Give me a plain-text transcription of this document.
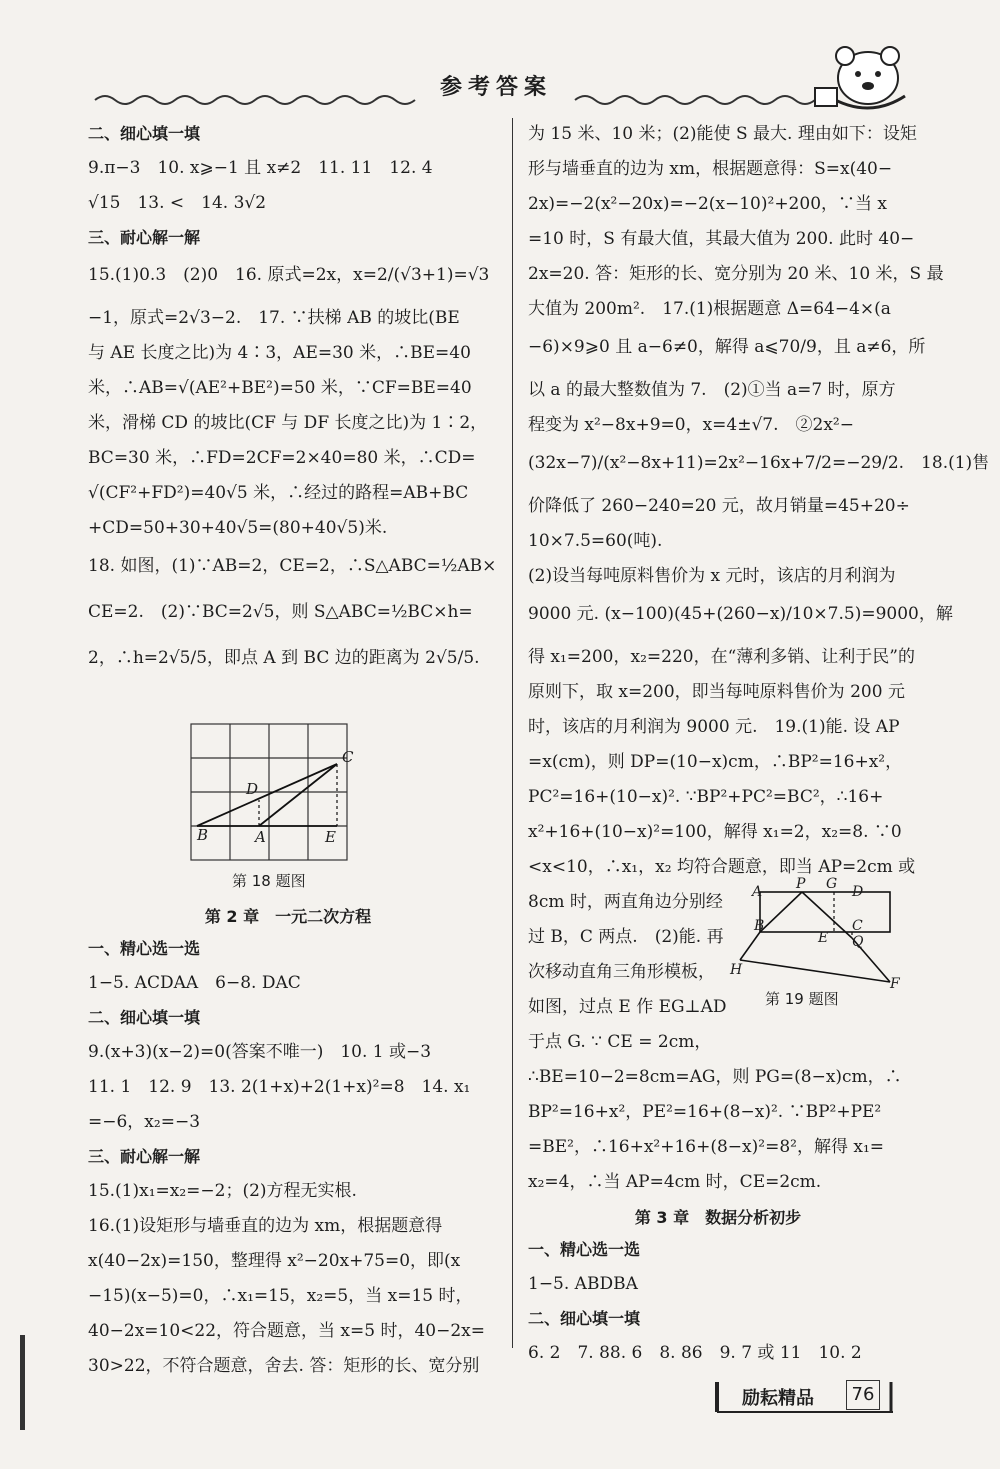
参考答案
二、细心填一填
9.π−3　10. x⩾−1 且 x≠2　11. 11　12. 4
√15　13. <　14. 3√2
三、耐心解一解
15.(1)0.3　(2)0　16. 原式=2x，x=2/(√3+1)=√3
−1，原式=2√3−2.　17. ∵扶梯 AB 的坡比(BE
与 AE 长度之比)为 4∶3，AE=30 米，∴BE=40
米，∴AB=√(AE²+BE²)=50 米，∵CF=BE=40
米，滑梯 CD 的坡比(CF 与 DF 长度之比)为 1∶2，
BC=30 米，∴FD=2CF=2×40=80 米，∴CD=
√(CF²+FD²)=40√5 米，∴经过的路程=AB+BC
+CD=50+30+40√5=(80+40√5)米.
18. 如图，(1)∵AB=2，CE=2，∴S△ABC=½AB×
CE=2.　(2)∵BC=2√5，则 S△ABC=½BC×h=
2，∴h=2√5/5，即点 A 到 BC 边的距离为 2√5/5.
B	A	E
D
C
第 18 题图
第 2 章　一元二次方程
一、精心选一选
1−5. ACDAA　6−8. DAC
二、细心填一填
9.(x+3)(x−2)=0(答案不唯一)　10. 1 或−3
11. 1　12. 9　13. 2(1+x)+2(1+x)²=8　14. x₁
=−6，x₂=−3
三、耐心解一解
15.(1)x₁=x₂=−2；(2)方程无实根.
16.(1)设矩形与墙垂直的边为 xm，根据题意得
x(40−2x)=150，整理得 x²−20x+75=0，即(x
−15)(x−5)=0，∴x₁=15，x₂=5，当 x=15 时，
40−2x=10<22，符合题意，当 x=5 时，40−2x=
30>22，不符合题意，舍去. 答：矩形的长、宽分别
为 15 米、10 米；(2)能使 S 最大. 理由如下：设矩
形与墙垂直的边为 xm，根据题意得：S=x(40−
2x)=−2(x²−20x)=−2(x−10)²+200，∵当 x
=10 时，S 有最大值，其最大值为 200. 此时 40−
2x=20. 答：矩形的长、宽分别为 20 米、10 米，S 最
大值为 200m².　17.(1)根据题意 Δ=64−4×(a
−6)×9⩾0 且 a−6≠0，解得 a⩽70/9，且 a≠6，所
以 a 的最大整数值为 7.　(2)①当 a=7 时，原方
程变为 x²−8x+9=0，x=4±√7.　②2x²−
(32x−7)/(x²−8x+11)=2x²−16x+7/2=−29/2.　18.(1)售
价降低了 260−240=20 元，故月销量=45+20÷
10×7.5=60(吨).
(2)设当每吨原料售价为 x 元时，该店的月利润为
9000 元. (x−100)(45+(260−x)/10×7.5)=9000，解
得 x₁=200，x₂=220，在“薄利多销、让利于民”的
原则下，取 x=200，即当每吨原料售价为 200 元
时，该店的月利润为 9000 元.　19.(1)能. 设 AP
=x(cm)，则 DP=(10−x)cm，∴BP²=16+x²，
PC²=16+(10−x)². ∵BP²+PC²=BC²，∴16+
x²+16+(10−x)²=100，解得 x₁=2，x₂=8. ∵0
<x<10，∴x₁，x₂ 均符合题意，即当 AP=2cm 或
8cm 时，两直角边分别经
过 B，C 两点.　(2)能. 再
次移动直角三角形模板，
如图，过点 E 作 EG⊥AD
于点 G. ∵ CE = 2cm，
∴BE=10−2=8cm=AG，则 PG=(8−x)cm，∴
BP²=16+x²，PE²=16+(8−x)². ∵BP²+PE²
=BE²，∴16+x²+16+(8−x)²=8²，解得 x₁=
x₂=4，∴当 AP=4cm 时，CE=2cm.
第 3 章　数据分析初步
一、精心选一选
1−5. ABDBA
二、细心填一填
6. 2　7. 88. 6　8. 86　9. 7 或 11　10. 2
A P G D
B	C
E Q
H
F
第 19 题图
励耘精品	76
